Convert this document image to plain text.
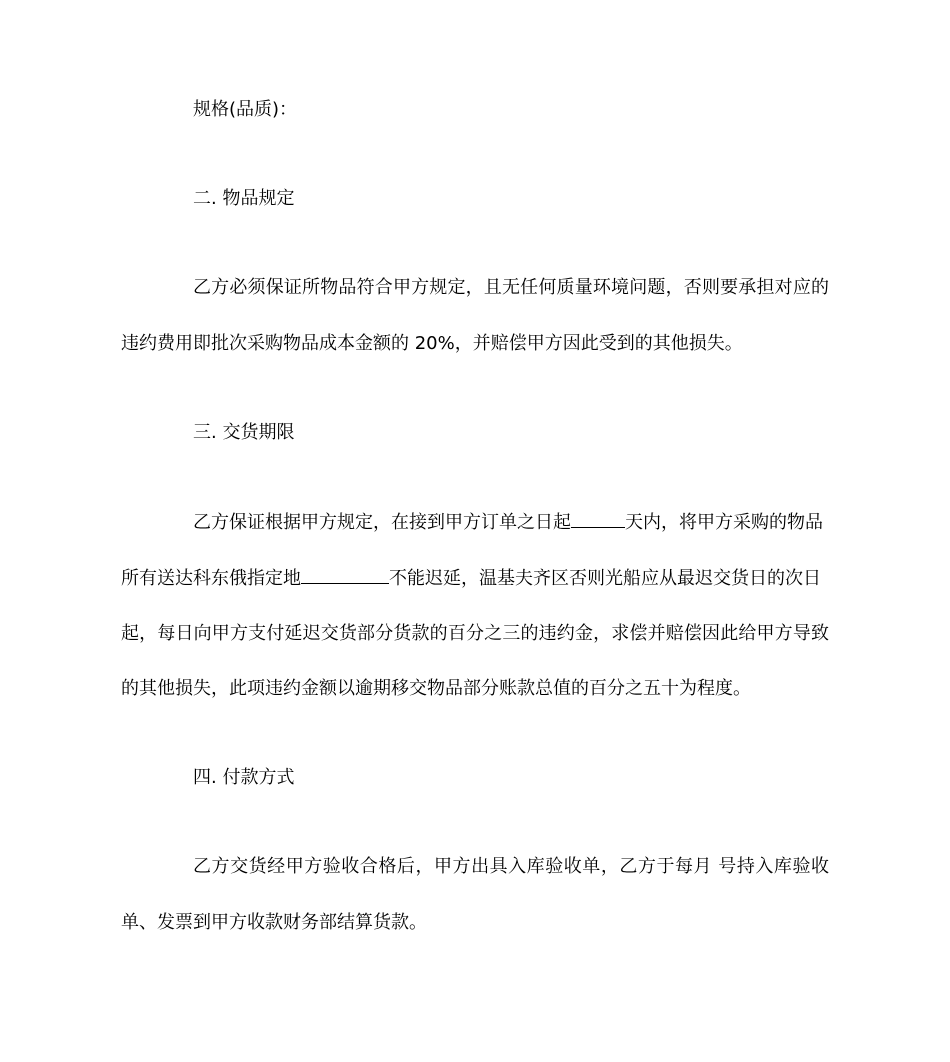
规格(品质)：
二. 物品规定
乙方必须保证所物品符合甲方规定，且无任何质量环境问题，否则要承担对应的
违约费用即批次采购物品成本金额的 20%，并赔偿甲方因此受到的其他损失。
三. 交货期限
乙方保证根据甲方规定，在接到甲方订单之日起	天内，将甲方采购的物品
所有送达科东俄指定地	不能迟延，温基夫齐区否则光船应从最迟交货日的次日
起，每日向甲方支付延迟交货部分货款的百分之三的违约金，求偿并赔偿因此给甲方导致
的其他损失，此项违约金额以逾期移交物品部分账款总值的百分之五十为程度。
四. 付款方式
乙方交货经甲方验收合格后，甲方出具入库验收单，乙方于每月 号持入库验收
单、发票到甲方收款财务部结算货款。
